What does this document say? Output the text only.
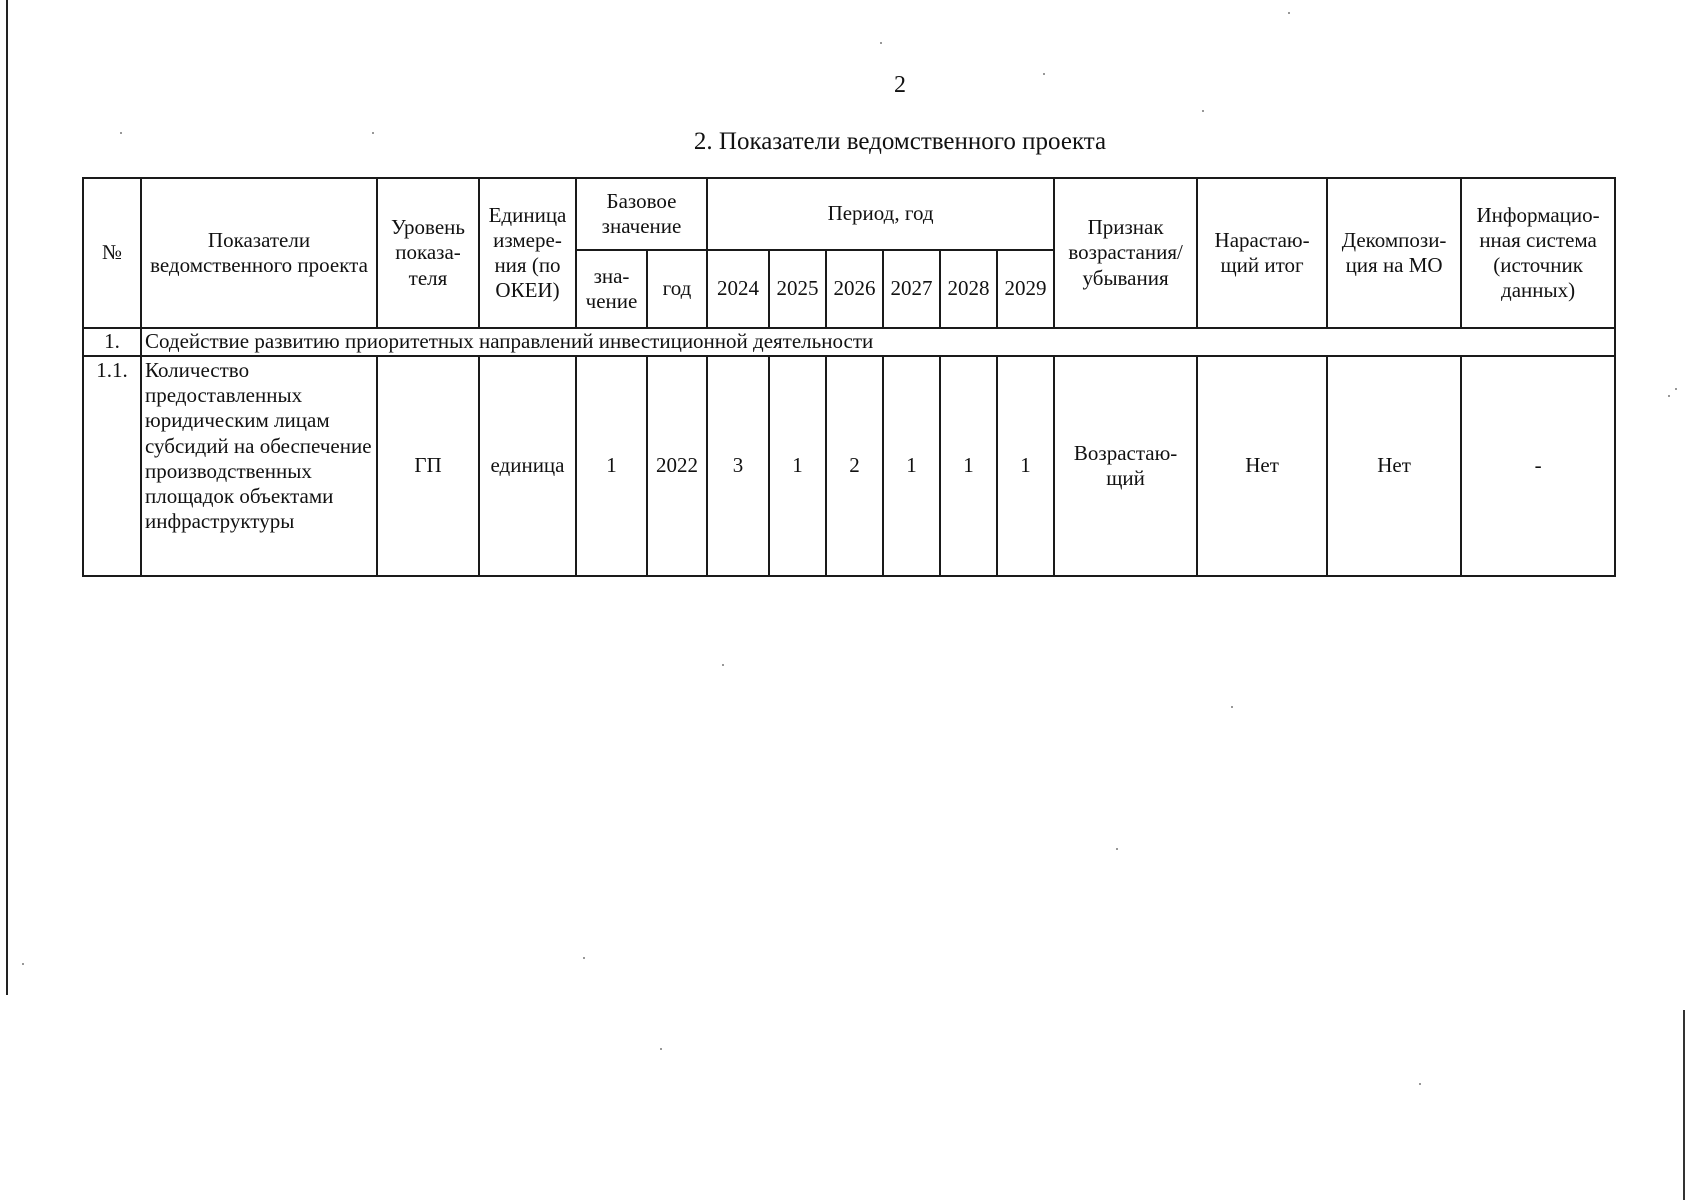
2
2. Показатели ведомственного проекта
№	Показатели ведомственного проекта	Уровень показа-теля	Единица измере-ния (по ОКЕИ)	Базовое значение		Период, год						Признак возрастания/ убывания	Нарастаю-щий итог	Декомпози-ция на МО	Информацио-нная система (источник данных)
				зна-чение	год	2024	2025	2026	2027	2028	2029				
1.	Содействие развитию приоритетных направлений инвестиционной деятельности														
1.1.	Количество предоставленных юридическим лицам субсидий на обеспечение производственных площадок объектами инфраструктуры	ГП	единица	1	2022	3	1	2	1	1	1	Возрастаю-щий	Нет	Нет	-
